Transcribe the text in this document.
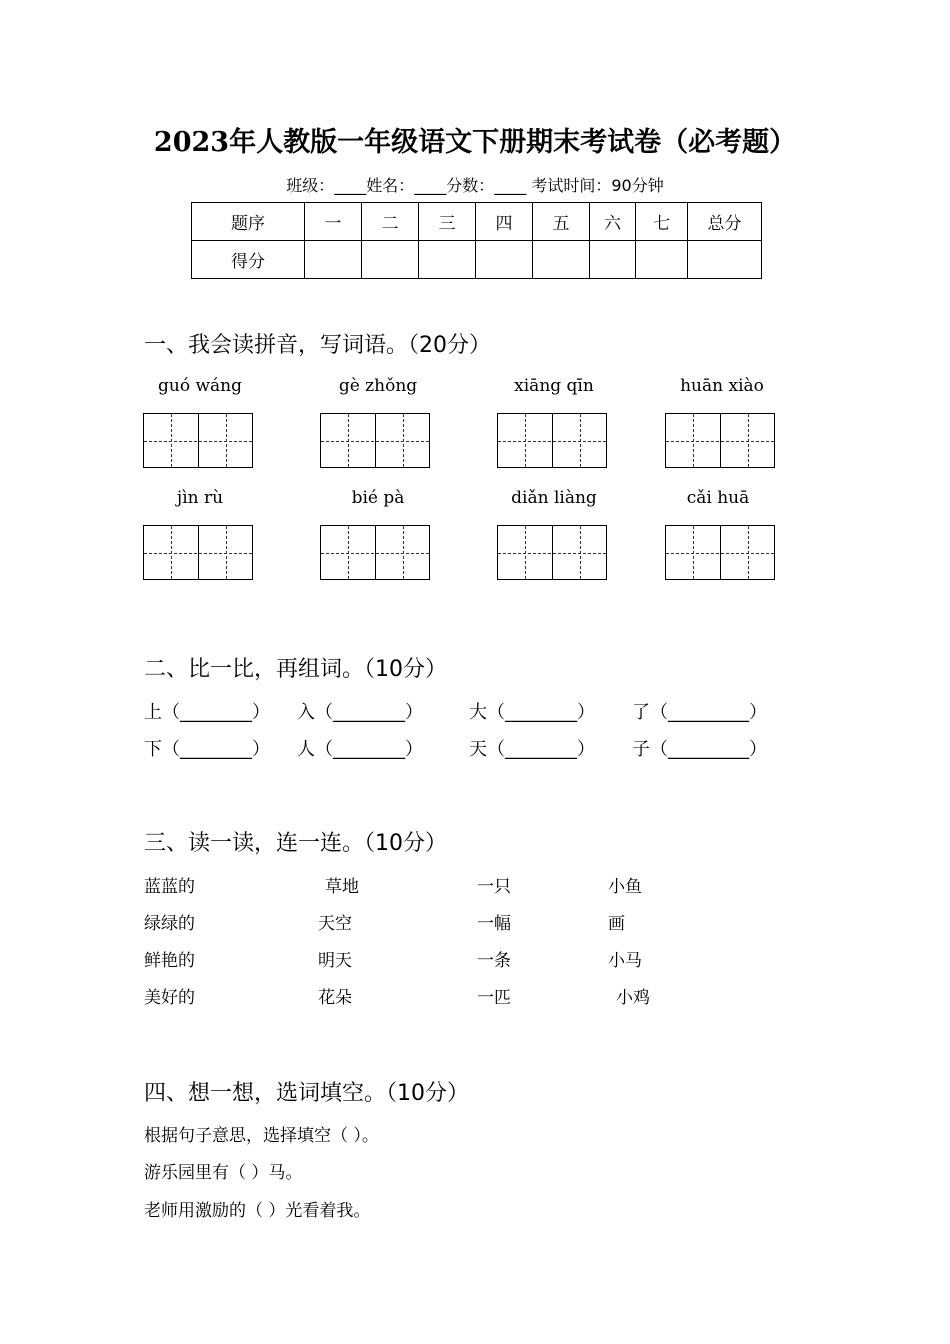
2023年人教版一年级语文下册期末考试卷（必考题）
班级：____姓名：____分数：____ 考试时间：90分钟
题序	一	二	三	四	五	六	七	总分
得分								
一、我会读拼音，写词语。（20分）
guó wáng	gè zhǒng	xiāng qīn	huān xiào
jìn rù	bié pà	diǎn liàng	cǎi huā
二、比一比，再组词。（10分）
上（________） 入（________）	大（________） 了（_________）
下（________） 人（________）	天（________） 子（_________）
三、读一读，连一连。（10分）
蓝蓝的	草地	一只	小鱼
绿绿的	天空	一幅	画
鲜艳的	明天	一条	小马
美好的	花朵	一匹	小鸡
四、想一想，选词填空。（10分）
根据句子意思，选择填空（ ）。
游乐园里有（ ）马。
老师用激励的（ ）光看着我。
